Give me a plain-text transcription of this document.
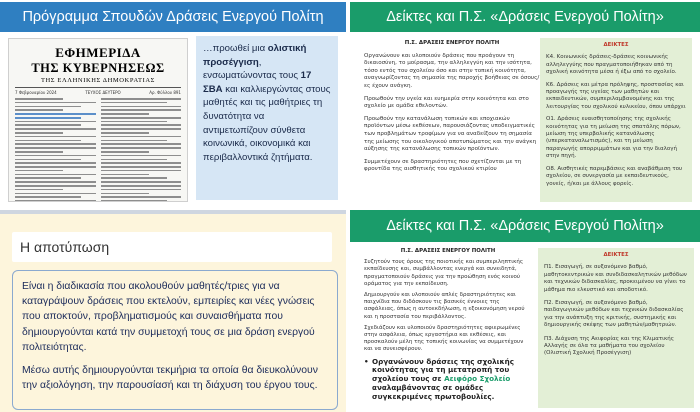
Πρόγραμμα Σπουδών Δράσεις Ενεργού Πολίτη
ΕΦΗΜΕΡΙΔΑ
ΤΗΣ ΚΥΒΕΡΝΗΣΕΩΣ
ΤΗΣ ΕΛΛΗΝΙΚΗΣ ΔΗΜΟΚΡΑΤΙΑΣ
7 Φεβρουαρίου 2024	ΤΕΥΧΟΣ ΔΕΥΤΕΡΟ	Αρ. Φύλλου 891
…προωθεί μια ολιστική προσέγγιση, ενσωματώνοντας τους 17 ΣΒΑ και καλλιεργώντας στους μαθητές και τις μαθήτριες τη δυνατότητα να αντιμετωπίζουν σύνθετα κοινωνικά, οικονομικά και περιβαλλοντικά ζητήματα.
Δείκτες και Π.Σ. «Δράσεις Ενεργού Πολίτη»
Π.Σ. ΔΡΑΣΕΙΣ ΕΝΕΡΓΟΥ ΠΟΛΙΤΗ

Οργανώνουν και υλοποιούν δράσεις που προάγουν τη δικαιοσύνη, το μοίρασμα, την αλληλεγγύη και την ισότητα, τόσο εντός του σχολείου όσο και στην τοπική κοινότητα, αναγνωρίζοντας τη σημασία της παροχής βοήθειας σε όσους/ες έχουν ανάγκη.

Προωθούν την υγεία και ευημερία στην κοινότητα και στο σχολείο με ομάδα εθελοντών.

Προωθούν την κατανάλωση τοπικών και εποχιακών προϊόντων μέσω εκθέσεων, παρουσιάζοντας υποδειγματικές των προβλημάτων τροφίμων για να αναδείξουν τη σημασία της μείωσης του οικολογικού αποτυπώματος και την ανάγκη αύξησης της κατανάλωσης τοπικών προϊόντων.

Συμμετέχουν σε δραστηριότητες που σχετίζονται με τη φροντίδα της αισθητικής του σχολικού κτιρίου

ΔΕΙΚΤΕΣ

Κ4. Κοινωνικές δράσεις-δράσεις κοινωνικής αλληλεγγύης που πραγματοποιήθηκαν από τη σχολική κοινότητα μέσα ή έξω από το σχολείο.

Κ6. Δράσεις και μέτρα πρόληψης, προστασίας και προαγωγής της υγείας των μαθητών και εκπαιδευτικών, συμπεριλαμβανομένης και της λειτουργίας του σχολικού κυλικείου, όπου υπάρχει

Ο1. Δράσεις ευαισθητοποίησης της σχολικής κοινότητας για τη μείωση της σπατάλης πόρων, μείωση της υπερβολικής κατανάλωσης (υπερκαταναλωτισμός), και τη μείωση παραγωγής απορριμμάτων και για την διαλογή στην πηγή.

Ο8. Αισθητικές παρεμβάσεις και αναβάθμιση του σχολείου, σε συνεργασία με εκπαιδευτικούς, γονείς, ή/και με άλλους φορείς.

Η αποτύπωση

Είναι η διαδικασία που ακολουθούν μαθητές/τριες για να καταγράψουν δράσεις που εκτελούν, εμπειρίες και νέες γνώσεις που αποκτούν, προβληματισμούς και συναισθήματα που δημιουργούνται κατά την συμμετοχή τους σε μια δράση ενεργού πολιτειότητας.

Μέσω αυτής δημιουργούνται τεκμήρια τα οποία θα διευκολύνουν την αξιολόγηση, την παρουσίασή και τη διάχυση του έργου τους.

Δείκτες και Π.Σ. «Δράσεις Ενεργού Πολίτη»
Π.Σ. ΔΡΑΣΕΙΣ ΕΝΕΡΓΟΥ ΠΟΛΙΤΗ

Συζητούν τους όρους της ποιοτικής και συμπεριληπτικής εκπαίδευσης και, συμβάλλοντας ενεργά και συνειδητά, πραγματοποιούν δράσεις για την προώθηση ενός κοινού οράματος για την εκπαίδευση.

Δημιουργούν και υλοποιούν απλές δραστηριότητες και παιχνίδια που διδάσκουν τις βασικές έννοιες της ασφάλειας, όπως η αυτοεκδήλωση, η εξοικονόμηση νερού και η προστασία του περιβάλλοντος.

Σχεδιάζουν και υλοποιούν δραστηριότητες αφιερωμένες στην ασφάλεια, όπως εργαστήρια και εκθέσεις, και προσκαλούν μέλη της τοπικής κοινωνίας να συμμετέχουν και να συνεισφέρουν.

• Οργανώνουν δράσεις της σχολικής κοινότητας για τη μετατροπή του σχολείου τους σε Αειφόρο Σχολείο αναλαμβάνοντας σε ομάδες συγκεκριμένες πρωτοβουλίες.
ΔΕΙΚΤΕΣ

Π1. Εισαγωγή, σε αυξανόμενο βαθμό, μαθητοκεντρικών και συνδιδασκαλητικών μεθόδων και τεχνικών διδασκαλίας, προκειμένου να γίνει το μάθημα πιο ελκυστικό και αποδοτικό.

Π2. Εισαγωγή, σε αυξανόμενο βαθμό, παιδαγωγικών μεθόδων και τεχνικών διδασκαλίας για την ανάπτυξη της κριτικής, συστημικής και δημιουργικής σκέψης των μαθητών/μαθητριών.

Π3. Διάχυση της Αειφορίας και της Κλιματικής Αλλαγής σε όλα τα μαθήματα του σχολείου (Ολιστική Σχολική Προσέγγιση)
